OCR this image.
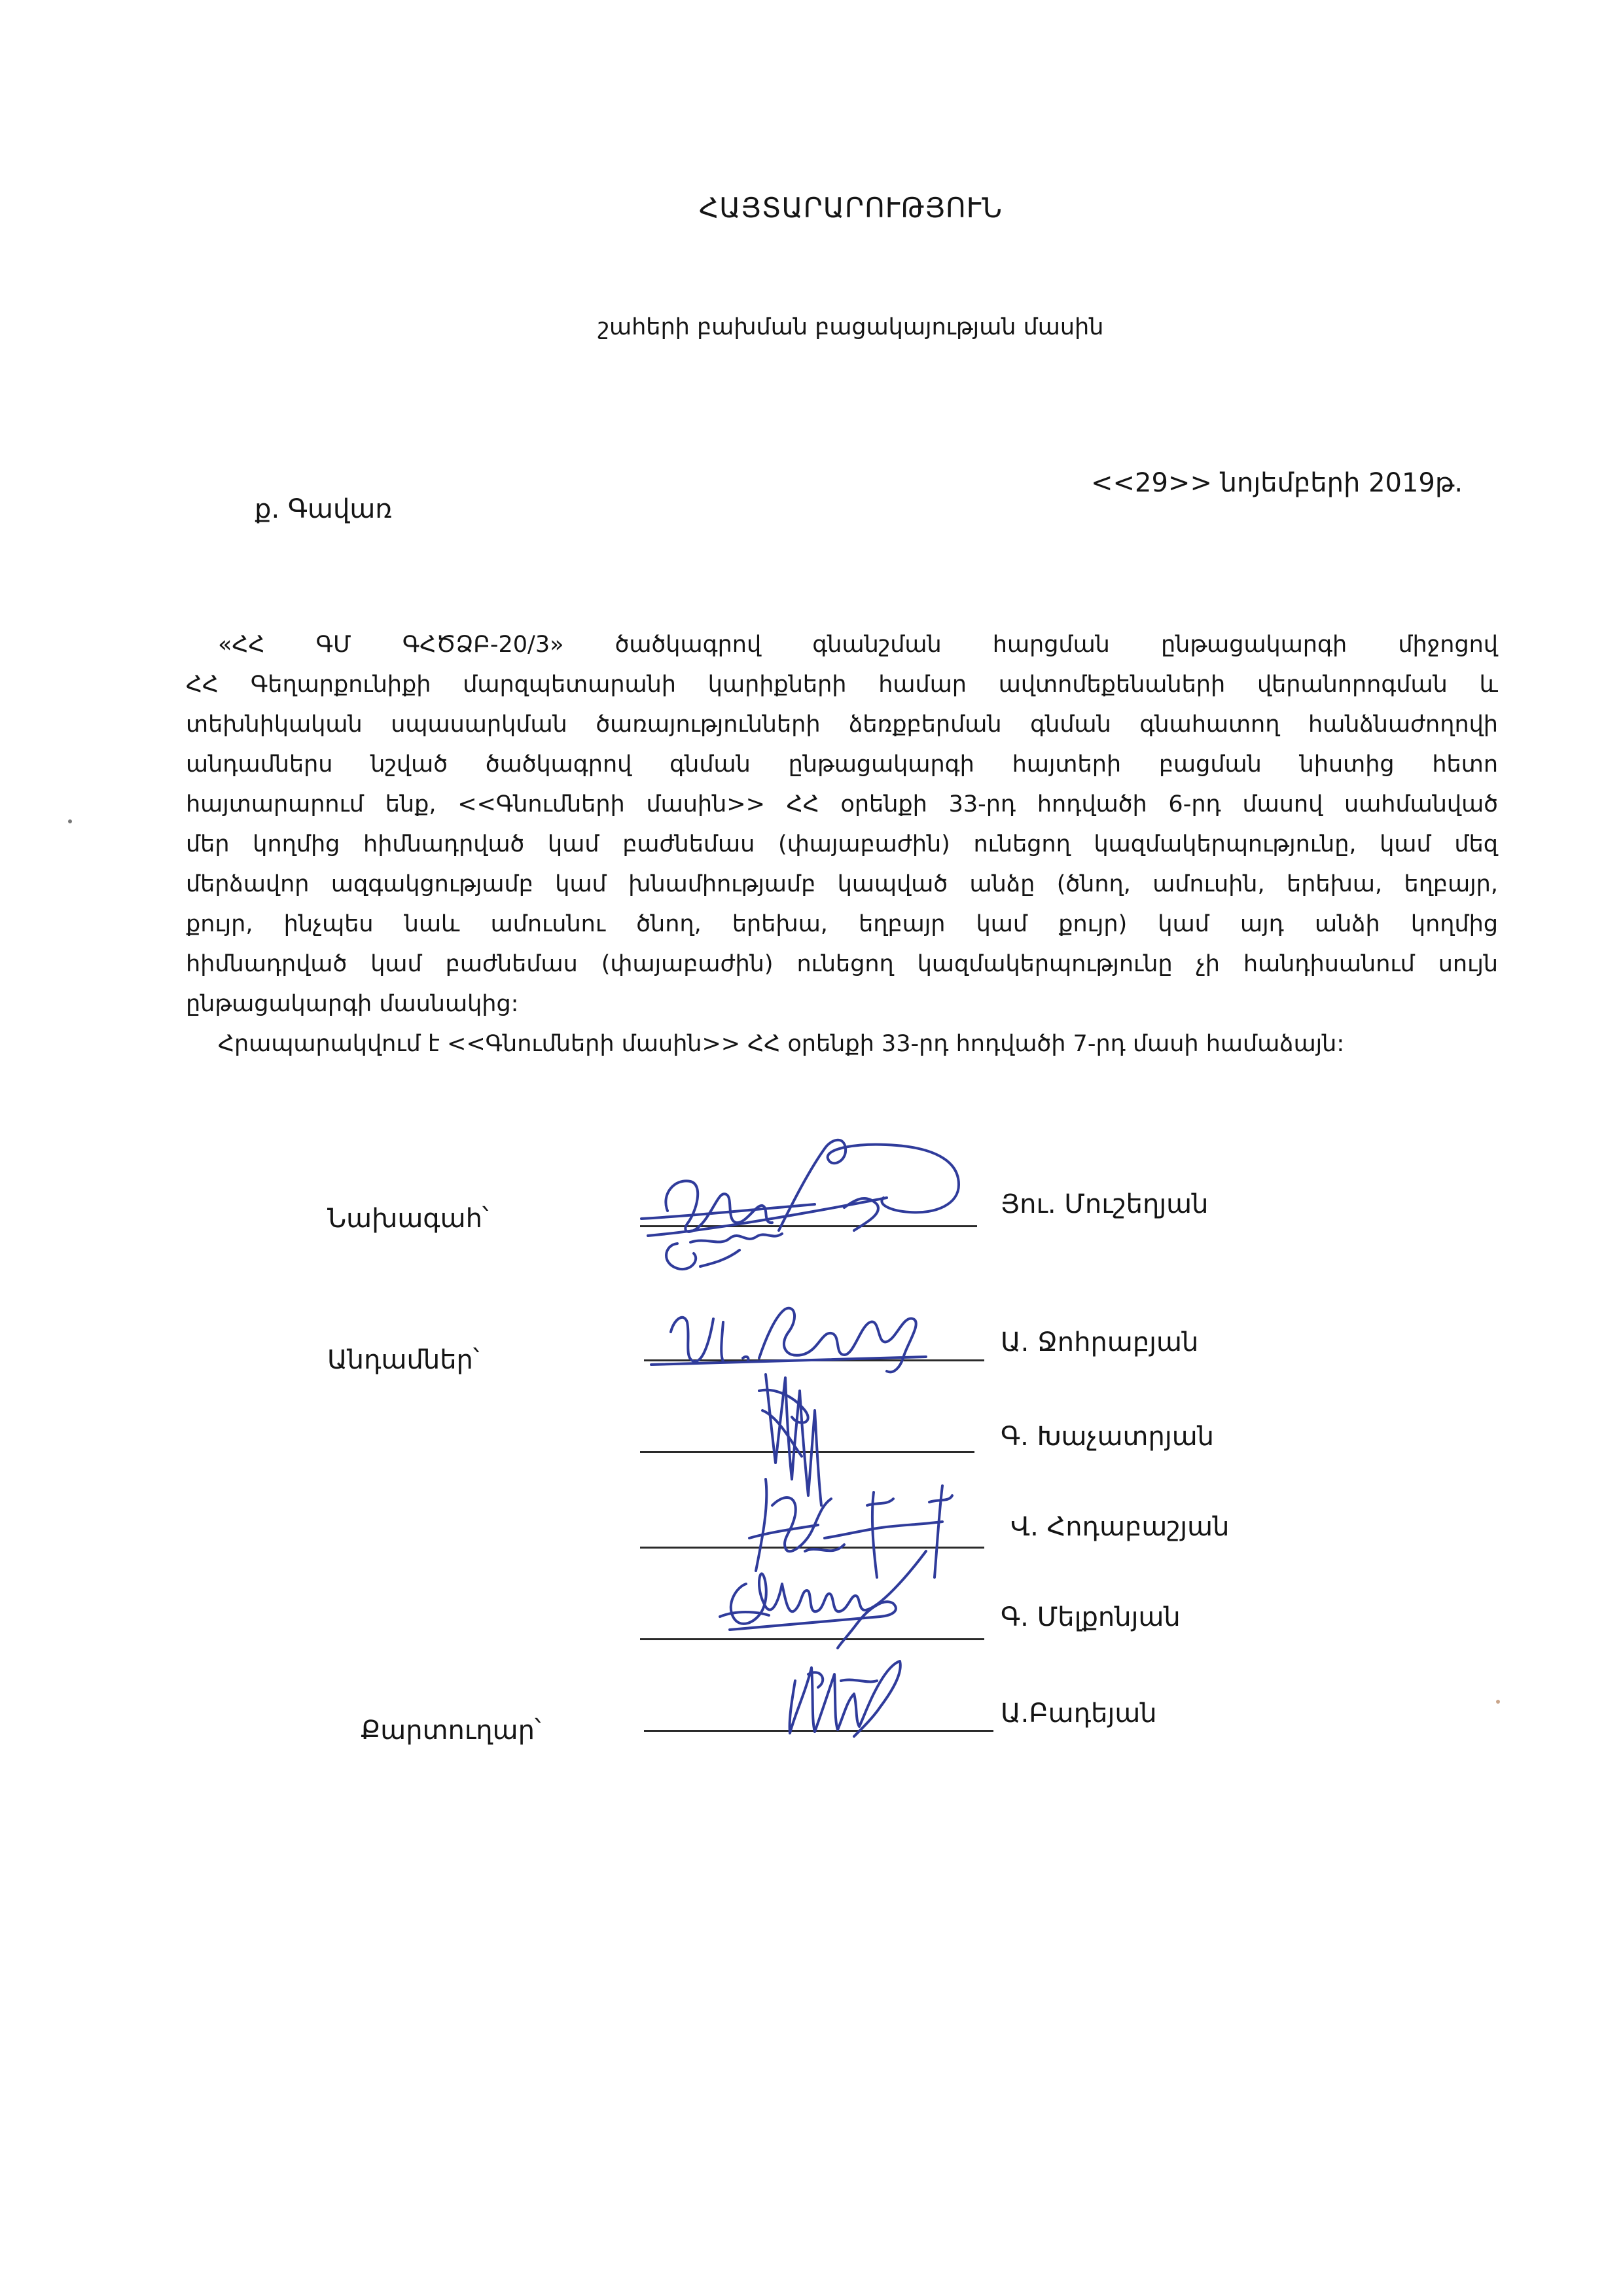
ՀԱՅՏԱՐԱՐՈՒԹՅՈՒՆ
շահերի բախման բացակայության մասին
ք. Գավառ
<<29>> նոյեմբերի 2019թ.
«ՀՀ ԳՄ ԳՀԾՁԲ-20/3» ծածկագրով գնանշման հարցման ընթացակարգի միջոցով
ՀՀ Գեղարքունիքի մարզպետարանի կարիքների համար ավտոմեքենաների վերանորոգման և
տեխնիկական սպասարկման ծառայությունների ձեռքբերման գնման գնահատող հանձնաժողովի
անդամներս նշված ծածկագրով գնման ընթացակարգի հայտերի բացման նիստից հետո
հայտարարում ենք, <<Գնումների մասին>> ՀՀ օրենքի 33-րդ հոդվածի 6-րդ մասով սահմանված
մեր կողմից հիմնադրված կամ բաժնեմաս (փայաբաժին) ունեցող կազմակերպությունը, կամ մեզ
մերձավոր ազգակցությամբ կամ խնամիությամբ կապված անձը (ծնող, ամուսին, երեխա, եղբայր,
քույր, ինչպես նաև ամուսնու ծնող, երեխա, եղբայր կամ քույր) կամ այդ անձի կողմից
հիմնադրված կամ բաժնեմաս (փայաբաժին) ունեցող կազմակերպությունը չի հանդիսանում սույն
ընթացակարգի մասնակից:
Հրապարակվում է <<Գնումների մասին>> ՀՀ օրենքի 33-րդ հոդվածի 7-րդ մասի համաձայն:
Նախագահ՝	Յու. Մուշեղյան
Անդամներ՝
Ա. Ջոհրաբյան
Գ. Խաչատրյան
Վ. Հոդաբաշյան
Գ. Մելքոնյան
Քարտուղար՝
Ա.Բադեյան
